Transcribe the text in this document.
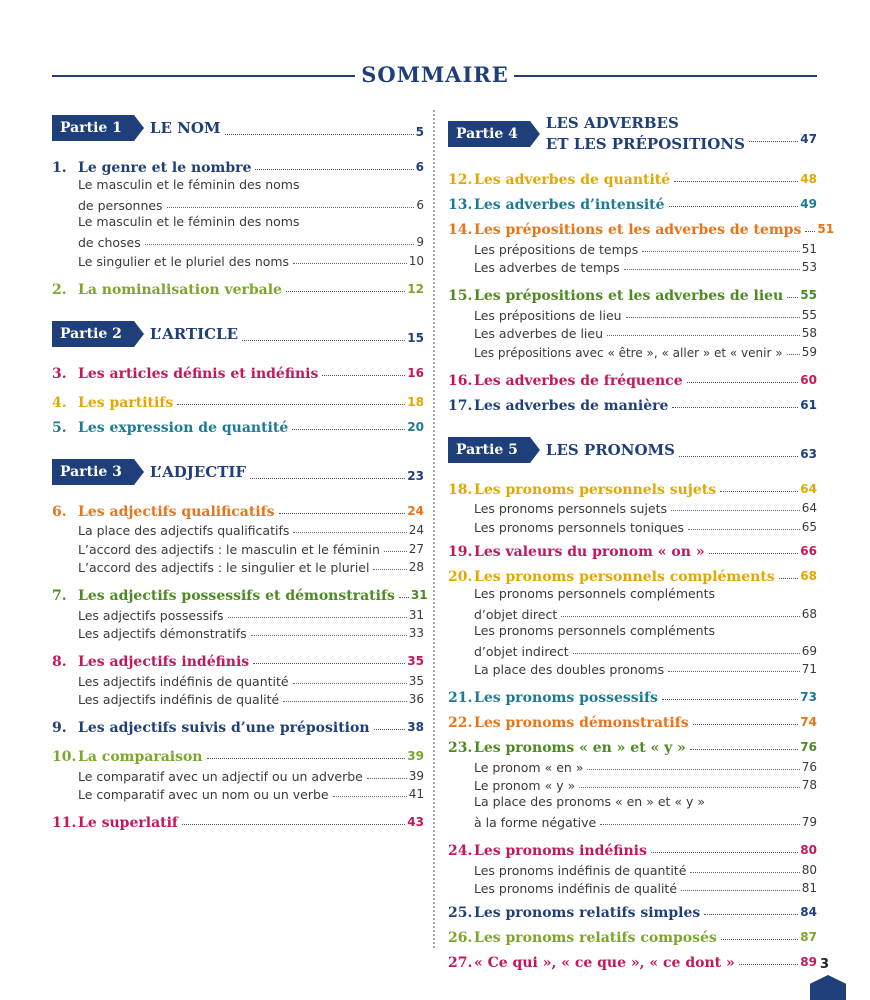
SOMMAIRE
Partie 1	LE NOM	5
1. Le genre et le nombre	6
Le masculin et le féminin des noms
de personnes	6
Le masculin et le féminin des noms
de choses	9
Le singulier et le pluriel des noms	10
2. La nominalisation verbale	12
Partie 2	L’ARTICLE	15
3. Les articles définis et indéfinis	16
4. Les partitifs	18
5. Les expression de quantité	20
Partie 3	L’ADJECTIF	23
6. Les adjectifs qualificatifs	24
La place des adjectifs qualificatifs	24
L’accord des adjectifs : le masculin et le féminin 27
L’accord des adjectifs : le singulier et le pluriel	28
7. Les adjectifs possessifs et démonstratifs 31
Les adjectifs possessifs	31
Les adjectifs démonstratifs	33
8. Les adjectifs indéfinis	35
Les adjectifs indéfinis de quantité	35
Les adjectifs indéfinis de qualité	36
9. Les adjectifs suivis d’une préposition	38
10. La comparaison	39
Le comparatif avec un adjectif ou un adverbe	39
Le comparatif avec un nom ou un verbe	41
11. Le superlatif	43
Partie 4
LES ADVERBES
ET LES PRÉPOSITIONS	47
12. Les adverbes de quantité	48
13. Les adverbes d’intensité	49
14. Les prépositions et les adverbes de temps 51
Les prépositions de temps	51
Les adverbes de temps	53
15. Les prépositions et les adverbes de lieu 55
Les prépositions de lieu	55
Les adverbes de lieu	58
Les prépositions avec « être », « aller » et « venir » 59
16. Les adverbes de fréquence	60
17. Les adverbes de manière	61
Partie 5	LES PRONOMS	63
18. Les pronoms personnels sujets	64
Les pronoms personnels sujets	64
Les pronoms personnels toniques	65
19. Les valeurs du pronom « on »	66
20. Les pronoms personnels compléments 68
Les pronoms personnels compléments
d’objet direct	68
Les pronoms personnels compléments
d’objet indirect	69
La place des doubles pronoms	71
21. Les pronoms possessifs	73
22. Les pronoms démonstratifs	74
23. Les pronoms « en » et « y »	76
Le pronom « en »	76
Le pronom « y »	78
La place des pronoms « en » et « y »
à la forme négative	79
24. Les pronoms indéfinis	80
Les pronoms indéfinis de quantité	80
Les pronoms indéfinis de qualité	81
25. Les pronoms relatifs simples	84
26. Les pronoms relatifs composés	87
27. « Ce qui », « ce que », « ce dont »	89 3
